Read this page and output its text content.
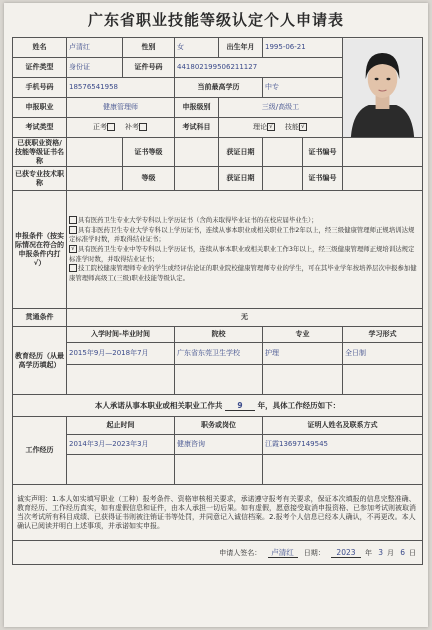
广东省职业技能等级认定个人申请表
姓名	卢清红	性别	女	出生年月	1995-06-21	

证件类型	身份证	证件号码	441802199506211127				
手机号码	18576541958		当前最高学历		中专		
申报职业	健康管理师		申报级别	三级/高级工			
考试类型	正考 补考		考试科目	理论 √ 技能 √			
已获职业资格/技能等级证书名称		证书等级		获证日期		证书编号	
已获专业技术职称		等级		获证日期		证书编号	
申报条件（按实际情况在符合的申报条件内打√）	具有医药卫生专业大学专科以上学历证书（含尚未取得毕业证书的在校应届毕业生）；
具有非医药卫生专业大学专科以上学历证书，连续从事本职业或相关职业工作2年以上，经三级健康管理师正规培训达规定标准学时数，并取得结业证书；
√ 具有医药卫生专业中等专科以上学历证书，连续从事本职业或相关职业工作3年以上，经三级健康管理师正规培训达规定标准学时数，并取得结业证书；
技工院校健康管理师专业的学生或经评估论证的职业院校健康管理师专业的学生，可在其毕业学年按培养层次申报参加健康管理师高级工(三级)职业技能等级认定。						

贯通条件	无						
教育经历（从最高学历填起）	入学时间-毕业时间		院校		专业		学习形式
	2015年9月—2018年7月		广东省东莞卫生学校		护理		全日制

本人承诺从事本职业或相关职业工作共 9 年，具体工作经历如下：							
工作经历	起止时间		职务或岗位		证明人姓名及联系方式		
	2014年3月—2023年3月		健康咨询		江霞13697149545		

诚实声明：1.本人如实填写职业（工种）报考条件、资格审核相关要求，承诺遵守报考有关要求，保证本次填报的信息完整准确、教育经历、工作经历真实，如有虚假信息和证件，由本人承担一切后果。如有虚假，愿意接受取消申报资格、已参加考试则被取消当次考试所有科目成绩、已获得证书则被注销证书等处罚，并同意记入诚信档案。2.报考个人信息已经本人确认，不再更改。本人确认已阅读并明白上述事项，并承诺如实申报。							
申请人签名： 卢清红 日期： 2023 年 3 月 6 日							
